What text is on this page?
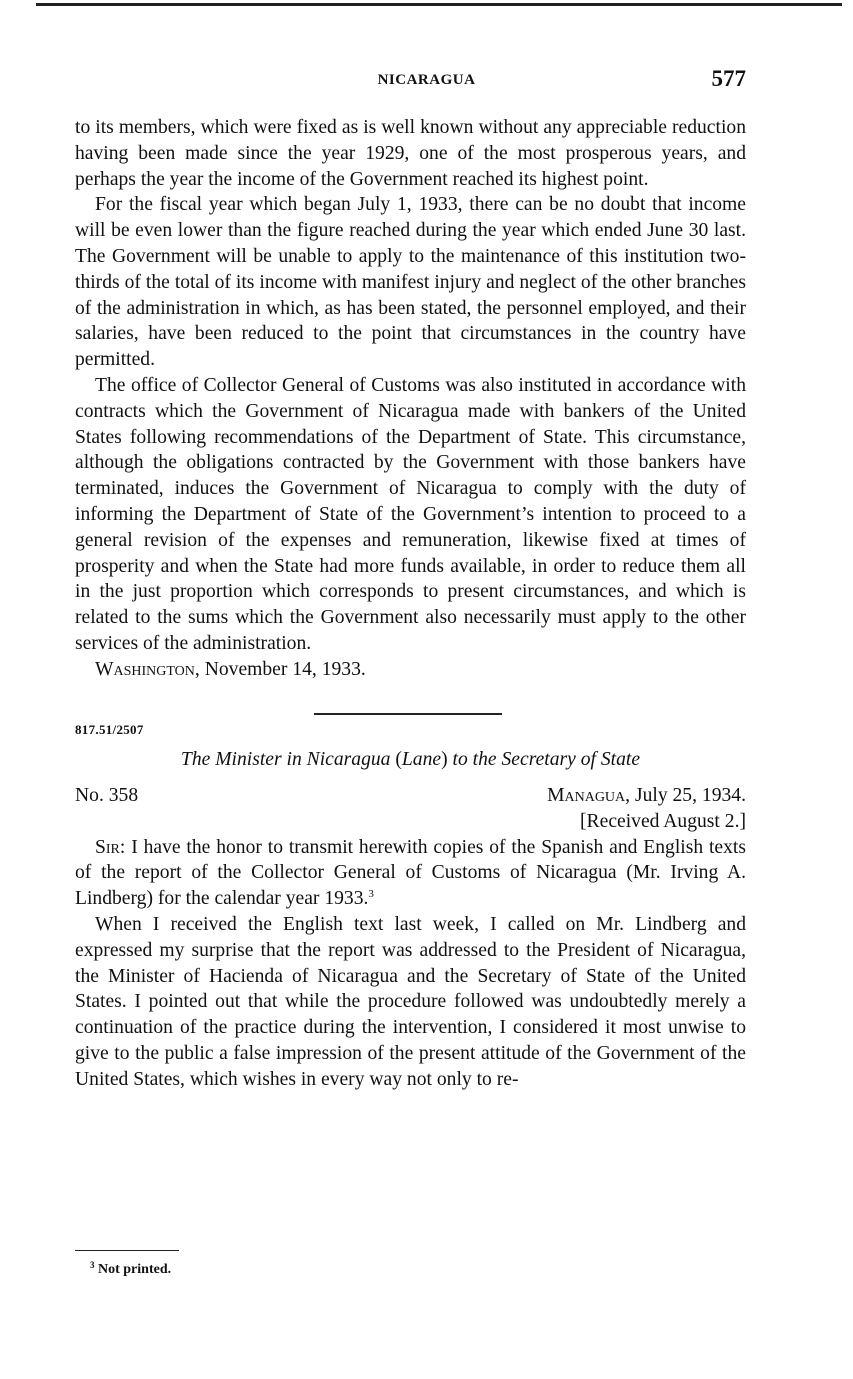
NICARAGUA	577

to its members, which were fixed as is well known without any appreciable reduction having been made since the year 1929, one of the most prosperous years, and perhaps the year the income of the Government reached its highest point.

For the fiscal year which began July 1, 1933, there can be no doubt that income will be even lower than the figure reached during the year which ended June 30 last. The Government will be unable to apply to the maintenance of this institution two-thirds of the total of its income with manifest injury and neglect of the other branches of the administration in which, as has been stated, the personnel employed, and their salaries, have been reduced to the point that circumstances in the country have permitted.

The office of Collector General of Customs was also instituted in accordance with contracts which the Government of Nicaragua made with bankers of the United States following recommendations of the Department of State. This circumstance, although the obligations contracted by the Government with those bankers have terminated, induces the Government of Nicaragua to comply with the duty of informing the Department of State of the Government’s intention to proceed to a general revision of the expenses and remuneration, likewise fixed at times of prosperity and when the State had more funds available, in order to reduce them all in the just proportion which corresponds to present circumstances, and which is related to the sums which the Government also necessarily must apply to the other services of the administration.

Washington, November 14, 1933.

817.51/2507
The Minister in Nicaragua (Lane) to the Secretary of State
No. 358	Managua, July 25, 1934.
[Received August 2.]

Sir: I have the honor to transmit herewith copies of the Spanish and English texts of the report of the Collector General of Customs of Nicaragua (Mr. Irving A. Lindberg) for the calendar year 1933.$^3$

When I received the English text last week, I called on Mr. Lindberg and expressed my surprise that the report was addressed to the President of Nicaragua, the Minister of Hacienda of Nicaragua and the Secretary of State of the United States. I pointed out that while the procedure followed was undoubtedly merely a continuation of the practice during the intervention, I considered it most unwise to give to the public a false impression of the present attitude of the Government of the United States, which wishes in every way not only to re-

$^3$ Not printed.
